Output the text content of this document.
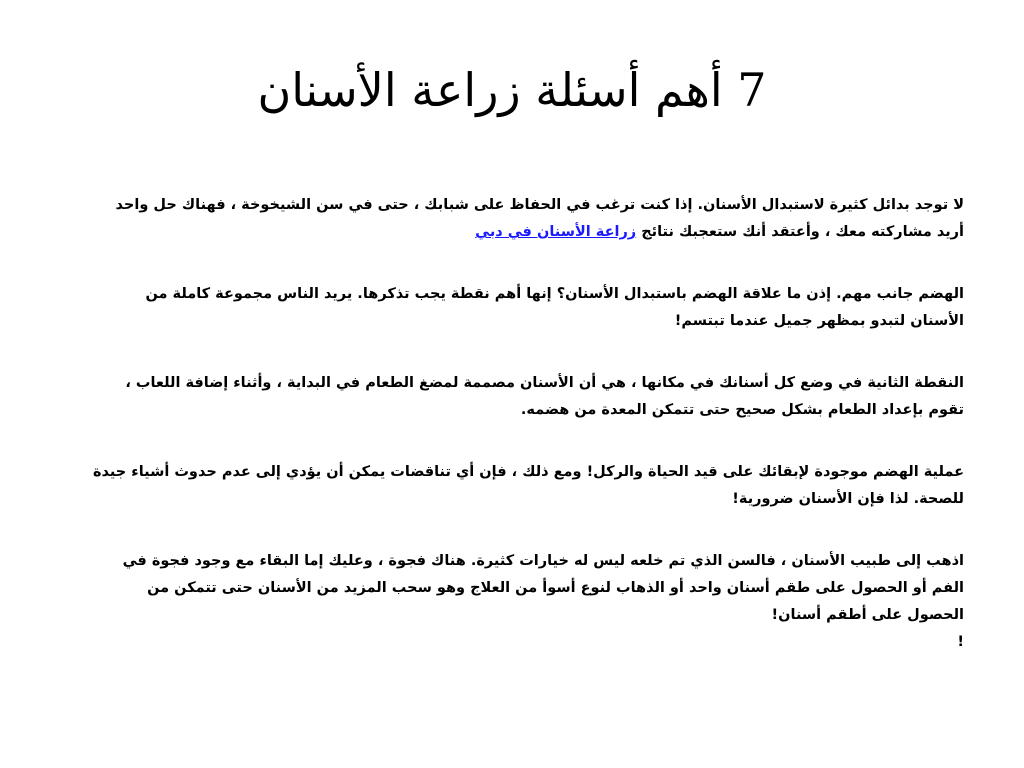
7 أهم أسئلة زراعة الأسنان

لا توجد بدائل كثيرة لاستبدال الأسنان. إذا كنت ترغب في الحفاظ على شبابك ، حتى في سن الشيخوخة ، فهناك حل واحد أريد مشاركته معك ، وأعتقد أنك ستعجبك نتائج زراعة الأسنان في دبي

الهضم جانب مهم. إذن ما علاقة الهضم باستبدال الأسنان؟ إنها أهم نقطة يجب تذكرها. يريد الناس مجموعة كاملة من الأسنان لتبدو بمظهر جميل عندما تبتسم!

النقطة الثانية في وضع كل أسنانك في مكانها ، هي أن الأسنان مصممة لمضغ الطعام في البداية ، وأثناء إضافة اللعاب ، تقوم بإعداد الطعام بشكل صحيح حتى تتمكن المعدة من هضمه.

عملية الهضم موجودة لإبقائك على قيد الحياة والركل! ومع ذلك ، فإن أي تناقضات يمكن أن يؤدي إلى عدم حدوث أشياء جيدة للصحة. لذا فإن الأسنان ضرورية!

اذهب إلى طبيب الأسنان ، فالسن الذي تم خلعه ليس له خيارات كثيرة. هناك فجوة ، وعليك إما البقاء مع وجود فجوة في الفم أو الحصول على طقم أسنان واحد أو الذهاب لنوع أسوأ من العلاج وهو سحب المزيد من الأسنان حتى تتمكن من الحصول على أطقم أسنان!

!
